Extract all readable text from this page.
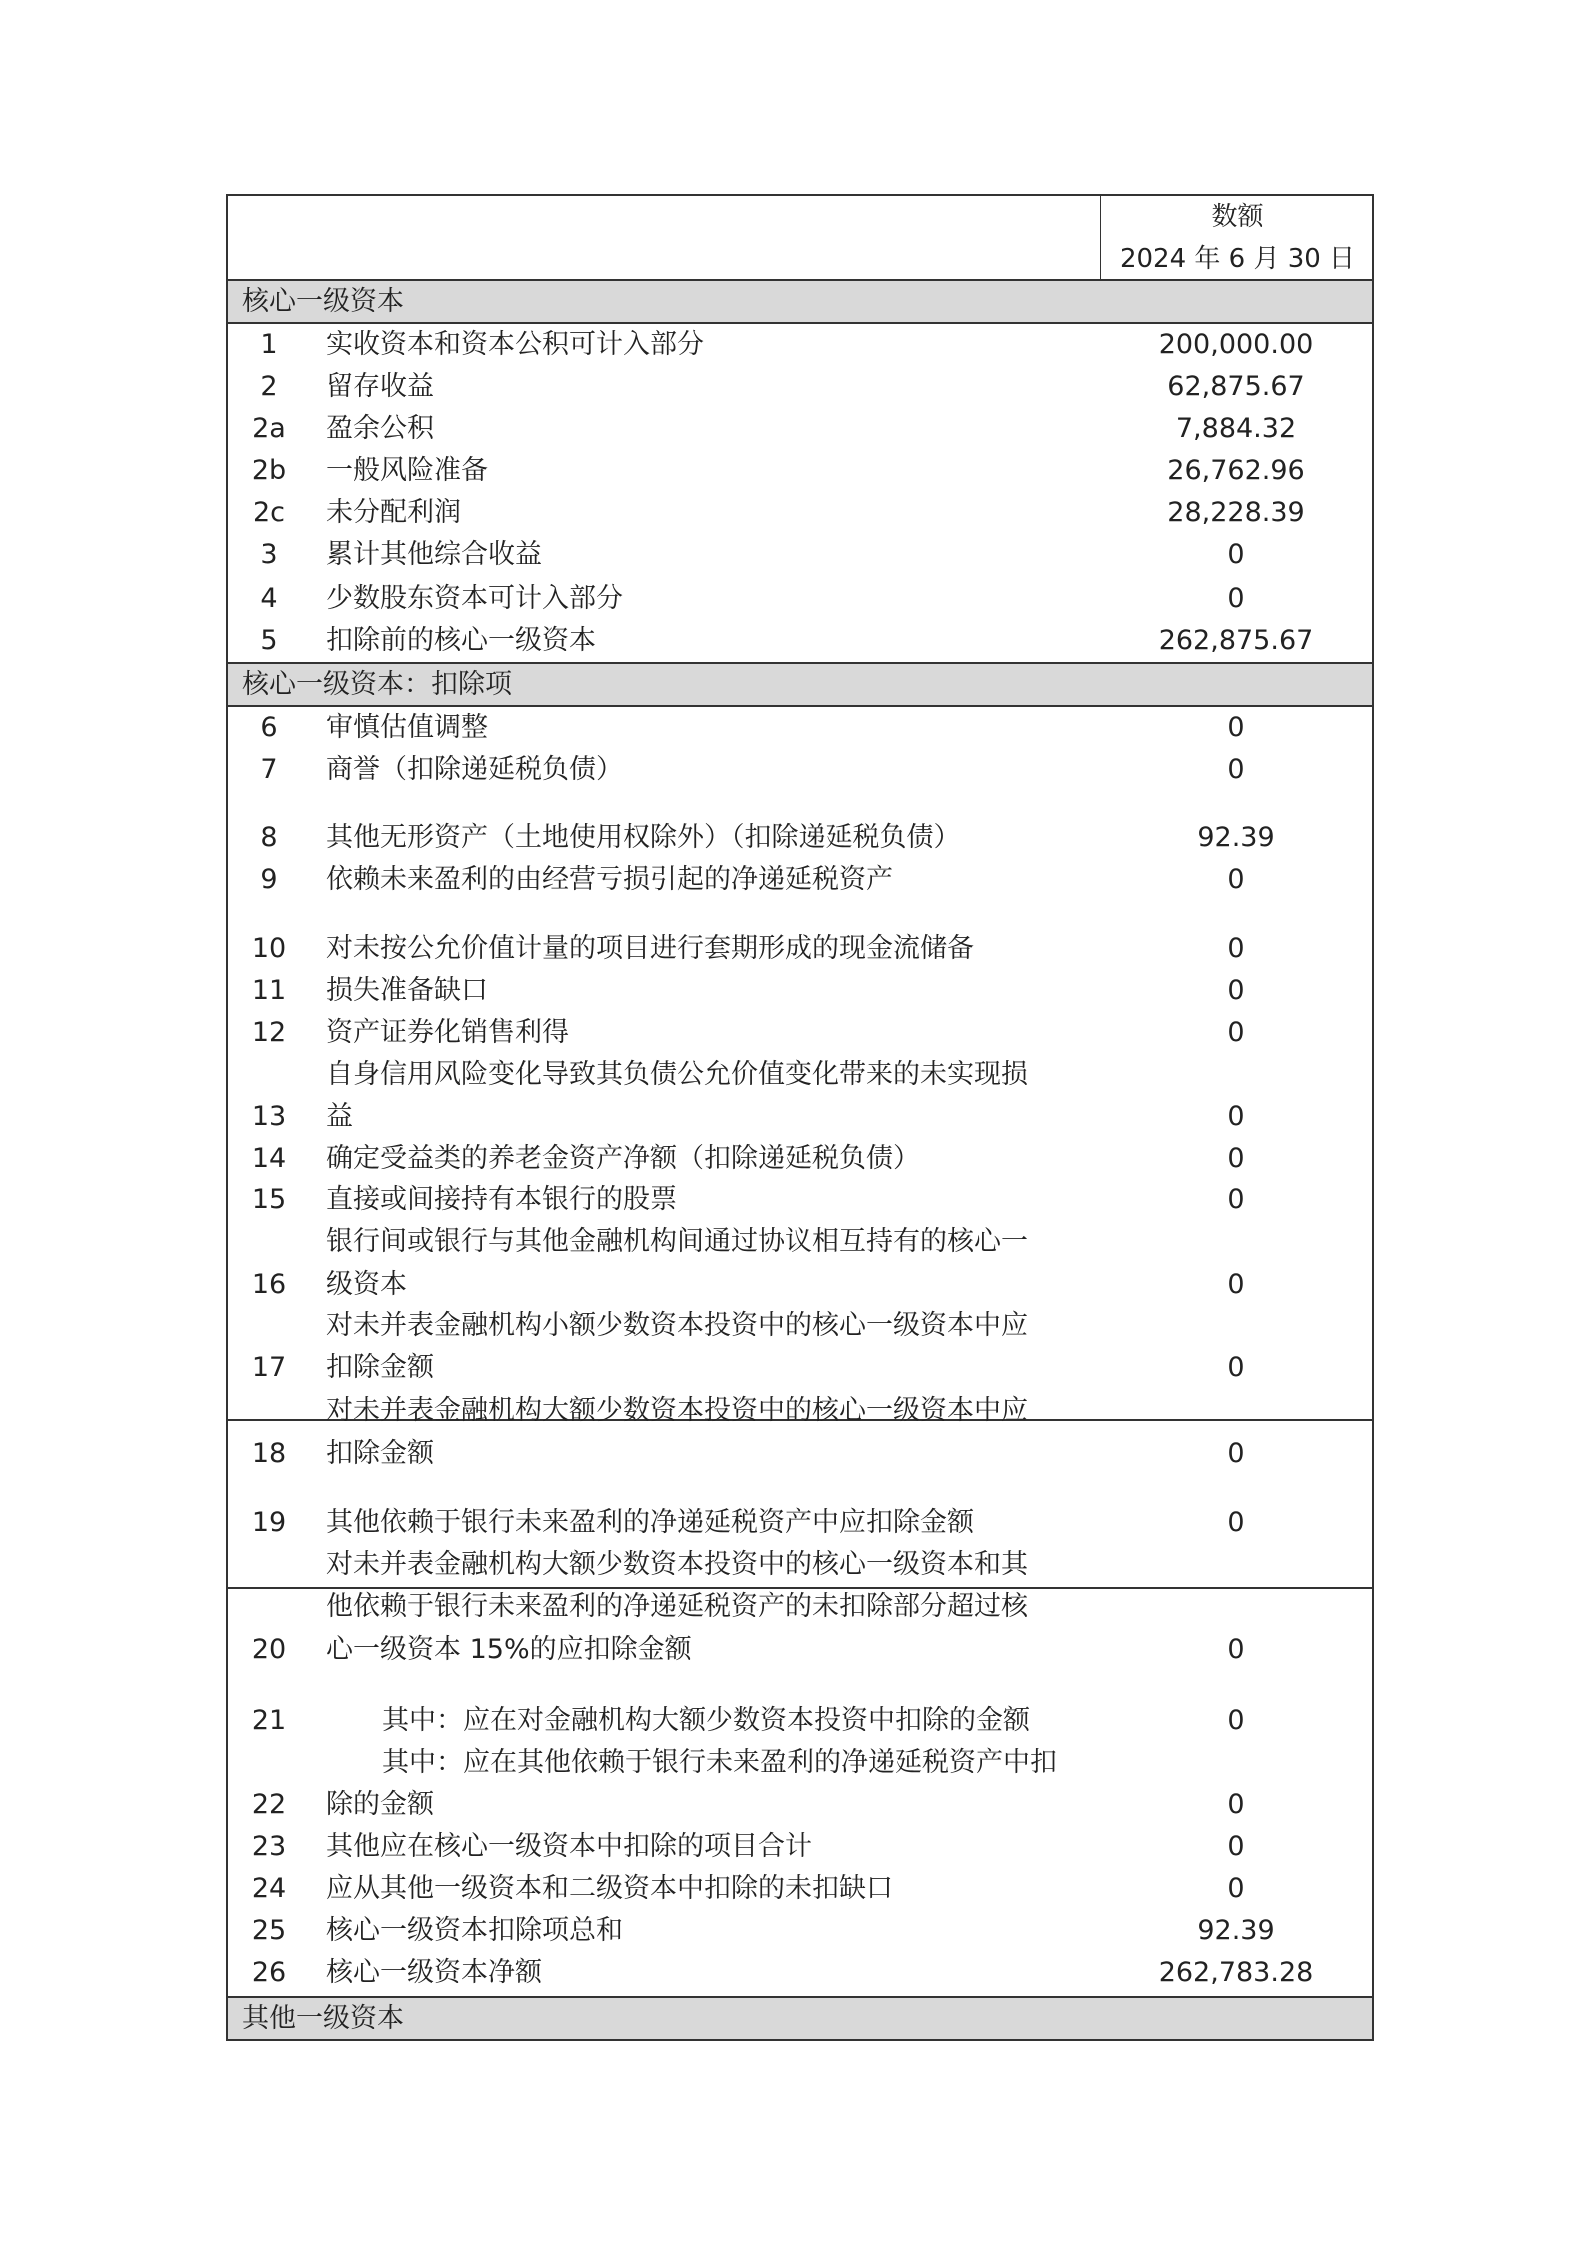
数额
2024 年 6 月 30 日
核心一级资本
1	实收资本和资本公积可计入部分	200,000.00
2	留存收益	62,875.67
2a	盈余公积	7,884.32
2b	一般风险准备	26,762.96
2c	未分配利润	28,228.39
3	累计其他综合收益	0
4	少数股东资本可计入部分	0
5	扣除前的核心一级资本	262,875.67
核心一级资本：扣除项
6	审慎估值调整	0
7	商誉（扣除递延税负债）	0
8	其他无形资产（土地使用权除外）（扣除递延税负债）	92.39
9	依赖未来盈利的由经营亏损引起的净递延税资产	0
10	对未按公允价值计量的项目进行套期形成的现金流储备	0
11	损失准备缺口	0
12	资产证券化销售利得	0
自身信用风险变化导致其负债公允价值变化带来的未实现损
13	益	0
14	确定受益类的养老金资产净额（扣除递延税负债）	0
15	直接或间接持有本银行的股票	0
银行间或银行与其他金融机构间通过协议相互持有的核心一
16	级资本	0
对未并表金融机构小额少数资本投资中的核心一级资本中应
17	扣除金额	0
对未并表金融机构大额少数资本投资中的核心一级资本中应
18	扣除金额	0
19	其他依赖于银行未来盈利的净递延税资产中应扣除金额	0
对未并表金融机构大额少数资本投资中的核心一级资本和其
他依赖于银行未来盈利的净递延税资产的未扣除部分超过核
20	心一级资本 15%的应扣除金额	0
21	其中：应在对金融机构大额少数资本投资中扣除的金额	0
其中：应在其他依赖于银行未来盈利的净递延税资产中扣
22	除的金额	0
23	其他应在核心一级资本中扣除的项目合计	0
24	应从其他一级资本和二级资本中扣除的未扣缺口	0
25	核心一级资本扣除项总和	92.39
26	核心一级资本净额	262,783.28
其他一级资本
